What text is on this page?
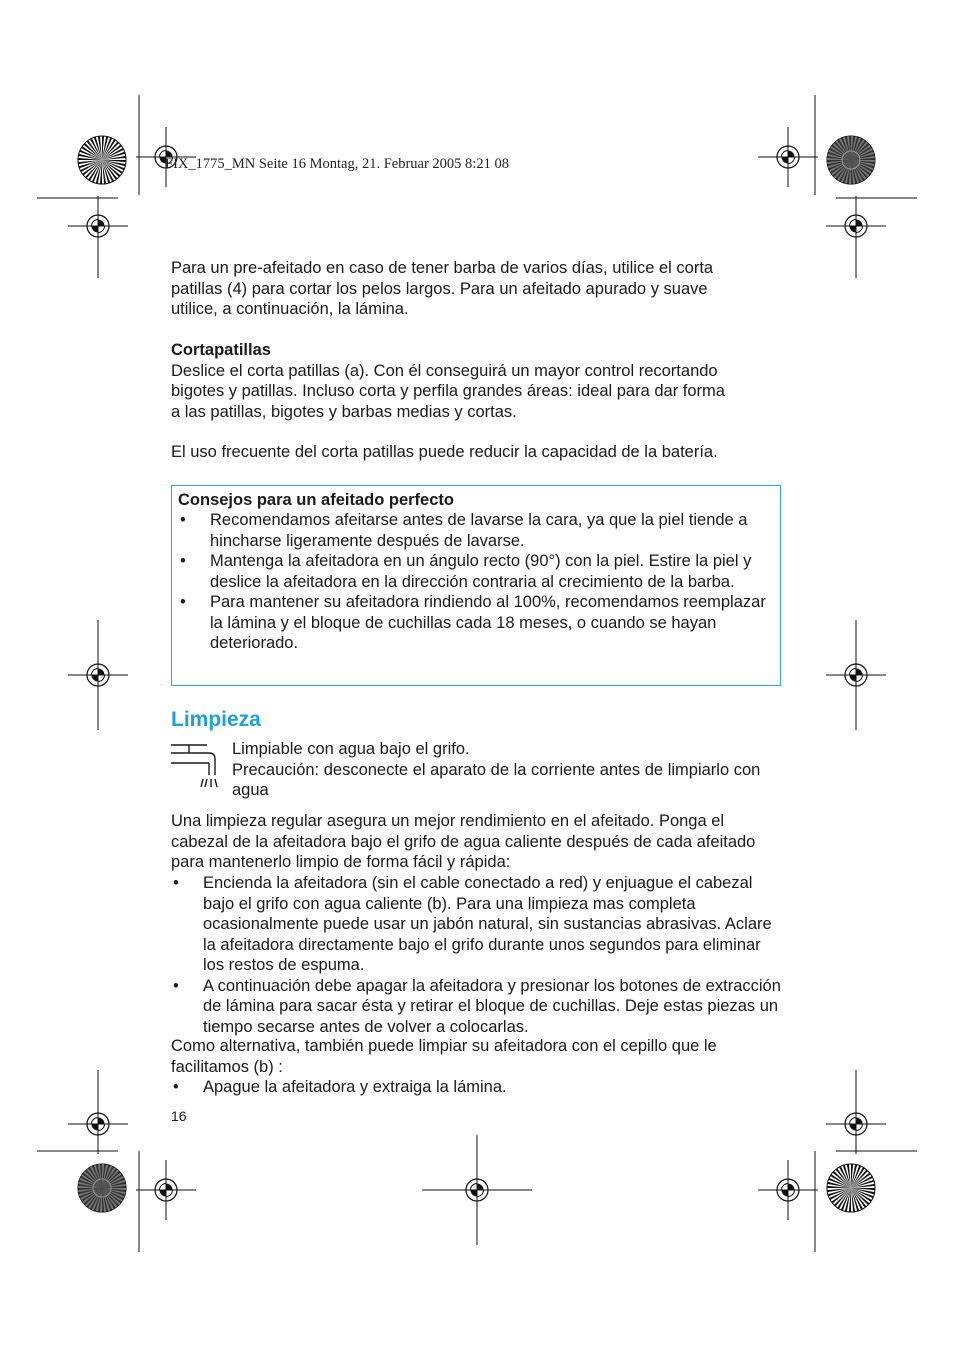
FIX_1775_MN Seite 16 Montag, 21. Februar 2005 8:21 08

Para un pre-afeitado en caso de tener barba de varios días, utilice el corta
patillas (4) para cortar los pelos largos. Para un afeitado apurado y suave
utilice, a continuación, la lámina.

Cortapatillas
Deslice el corta patillas (a). Con él conseguirá un mayor control recortando
bigotes y patillas. Incluso corta y perfila grandes áreas: ideal para dar forma
a las patillas, bigotes y barbas medias y cortas.

El uso frecuente del corta patillas puede reducir la capacidad de la batería.

Consejos para un afeitado perfecto
• Recomendamos afeitarse antes de lavarse la cara, ya que la piel tiende a hincharse ligeramente después de lavarse.
• Mantenga la afeitadora en un ángulo recto (90°) con la piel. Estire la piel y deslice la afeitadora en la dirección contraria al crecimiento de la barba.
• Para mantener su afeitadora rindiendo al 100%, recomendamos reemplazar la lámina y el bloque de cuchillas cada 18 meses, o cuando se hayan deteriorado.
Limpieza
Limpiable con agua bajo el grifo.
Precaución: desconecte el aparato de la corriente antes de limpiarlo con agua

Una limpieza regular asegura un mejor rendimiento en el afeitado. Ponga el cabezal de la afeitadora bajo el grifo de agua caliente después de cada afeitado para mantenerlo limpio de forma fácil y rápida:

• Encienda la afeitadora (sin el cable conectado a red) y enjuague el cabezal bajo el grifo con agua caliente (b). Para una limpieza mas completa ocasionalmente puede usar un jabón natural, sin sustancias abrasivas. Aclare la afeitadora directamente bajo el grifo durante unos segundos para eliminar los restos de espuma.
• A continuación debe apagar la afeitadora y presionar los botones de extracción de lámina para sacar ésta y retirar el bloque de cuchillas. Deje estas piezas un tiempo secarse antes de volver a colocarlas.

Como alternativa, también puede limpiar su afeitadora con el cepillo que le facilitamos (b) :

• Apague la afeitadora y extraiga la lámina.
16
